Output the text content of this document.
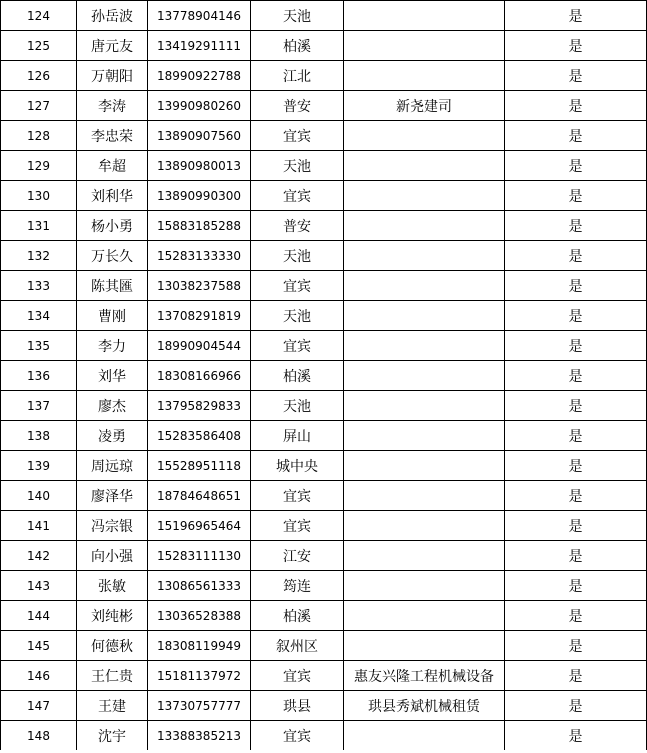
124	孙岳波	13778904146	天池		是
125	唐元友	13419291111	柏溪		是
126	万朝阳	18990922788	江北		是
127	李涛	13990980260	普安	新尧建司	是
128	李忠荣	13890907560	宜宾		是
129	牟超	13890980013	天池		是
130	刘利华	13890990300	宜宾		是
131	杨小勇	15883185288	普安		是
132	万长久	15283133330	天池		是
133	陈其匯	13038237588	宜宾		是
134	曹刚	13708291819	天池		是
135	李力	18990904544	宜宾		是
136	刘华	18308166966	柏溪		是
137	廖杰	13795829833	天池		是
138	凌勇	15283586408	屏山		是
139	周远琼	15528951118	城中央		是
140	廖泽华	18784648651	宜宾		是
141	冯宗银	15196965464	宜宾		是
142	向小强	15283111130	江安		是
143	张敏	13086561333	筠连		是
144	刘纯彬	13036528388	柏溪		是
145	何德秋	18308119949	叙州区		是
146	王仁贵	15181137972	宜宾	惠友兴隆工程机械设备	是
147	王建	13730757777	珙县	珙县秀斌机械租赁	是
148	沈宇	13388385213	宜宾		是
